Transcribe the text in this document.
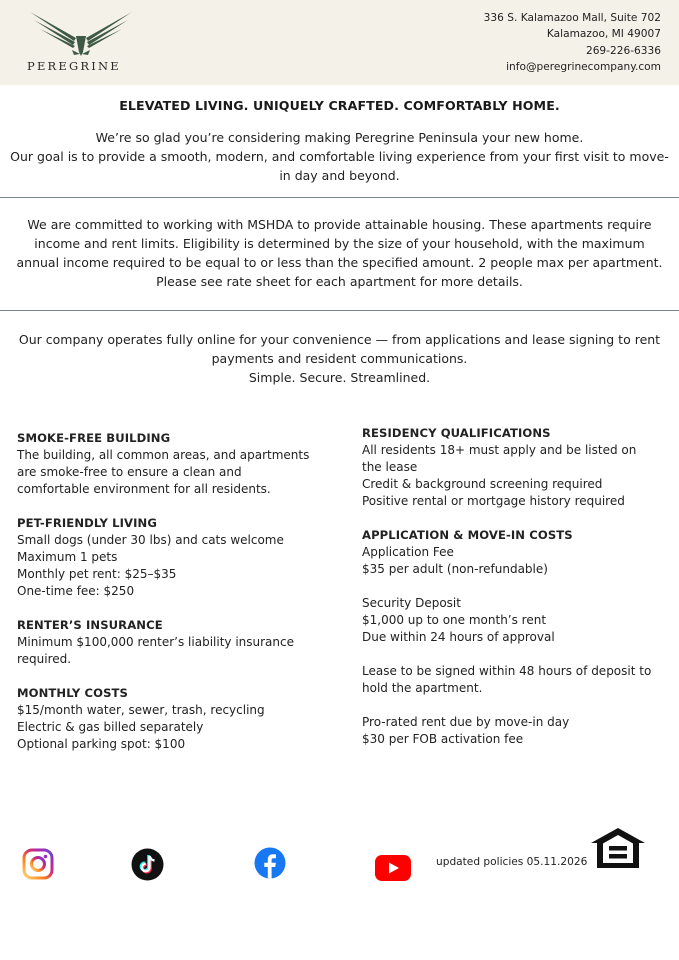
PEREGRINE
336 S. Kalamazoo Mall, Suite 702
Kalamazoo, MI 49007
269-226-6336
info@peregrinecompany.com
ELEVATED LIVING. UNIQUELY CRAFTED. COMFORTABLY HOME.
We’re so glad you’re considering making Peregrine Peninsula your new home.
Our goal is to provide a smooth, modern, and comfortable living experience from your first visit to move-in day and beyond.
We are committed to working with MSHDA to provide attainable housing. These apartments require income and rent limits. Eligibility is determined by the size of your household, with the maximum annual income required to be equal to or less than the specified amount. 2 people max per apartment. Please see rate sheet for each apartment for more details.
Our company operates fully online for your convenience — from applications and lease signing to rent payments and resident communications.
Simple. Secure. Streamlined.
SMOKE-FREE BUILDING
The building, all common areas, and apartments are smoke-free to ensure a clean and comfortable environment for all residents.
PET-FRIENDLY LIVING
Small dogs (under 30 lbs) and cats welcome
Maximum 1 pets
Monthly pet rent: $25–$35
One-time fee: $250
RENTER’S INSURANCE
Minimum $100,000 renter’s liability insurance required.
MONTHLY COSTS
$15/month water, sewer, trash, recycling
Electric & gas billed separately
Optional parking spot: $100
RESIDENCY QUALIFICATIONS
All residents 18+ must apply and be listed on the lease
Credit & background screening required
Positive rental or mortgage history required
APPLICATION & MOVE-IN COSTS
Application Fee
$35 per adult (non-refundable)
Security Deposit
$1,000 up to one month’s rent
Due within 24 hours of approval
Lease to be signed within 48 hours of deposit to hold the apartment.
Pro-rated rent due by move-in day
$30 per FOB activation fee
updated policies 05.11.2026
